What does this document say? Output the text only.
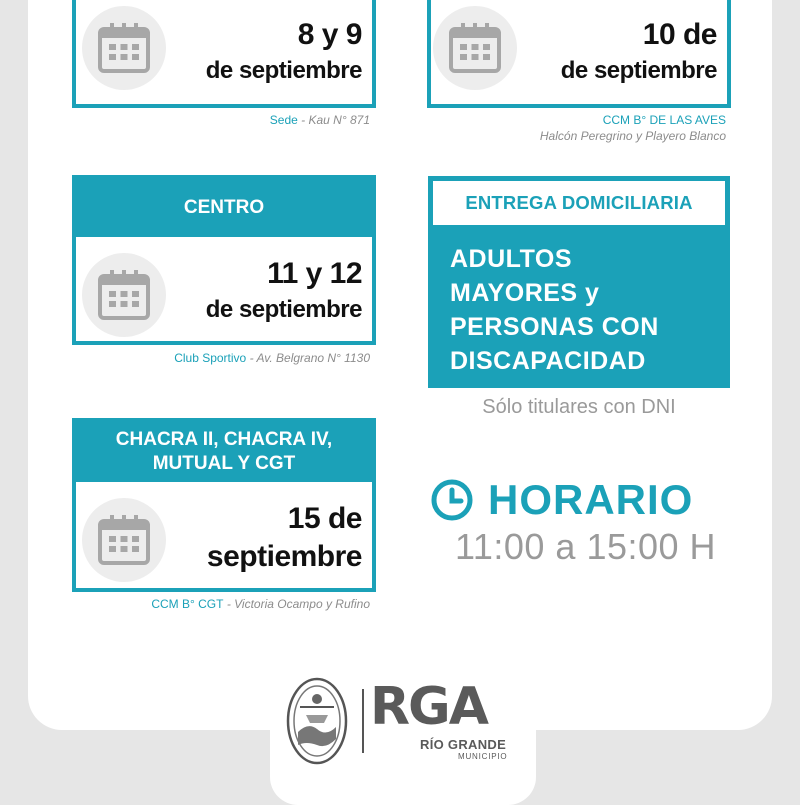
8 y 9
de septiembre
Sede - Kau N° 871
10 de
de septiembre
CCM B° DE LAS AVES
Halcón Peregrino y Playero Blanco
CENTRO
11 y 12
de septiembre
Club Sportivo - Av. Belgrano N° 1130
CHACRA II, CHACRA IV,
MUTUAL Y CGT
15 de
septiembre
CCM B° CGT - Victoria Ocampo y Rufino
ENTREGA DOMICILIARIA
ADULTOS
MAYORES y
PERSONAS CON
DISCAPACIDAD
Sólo titulares con DNI
HORARIO
11:00 a 15:00 H
RGA
RÍO GRANDE
MUNICIPIO
